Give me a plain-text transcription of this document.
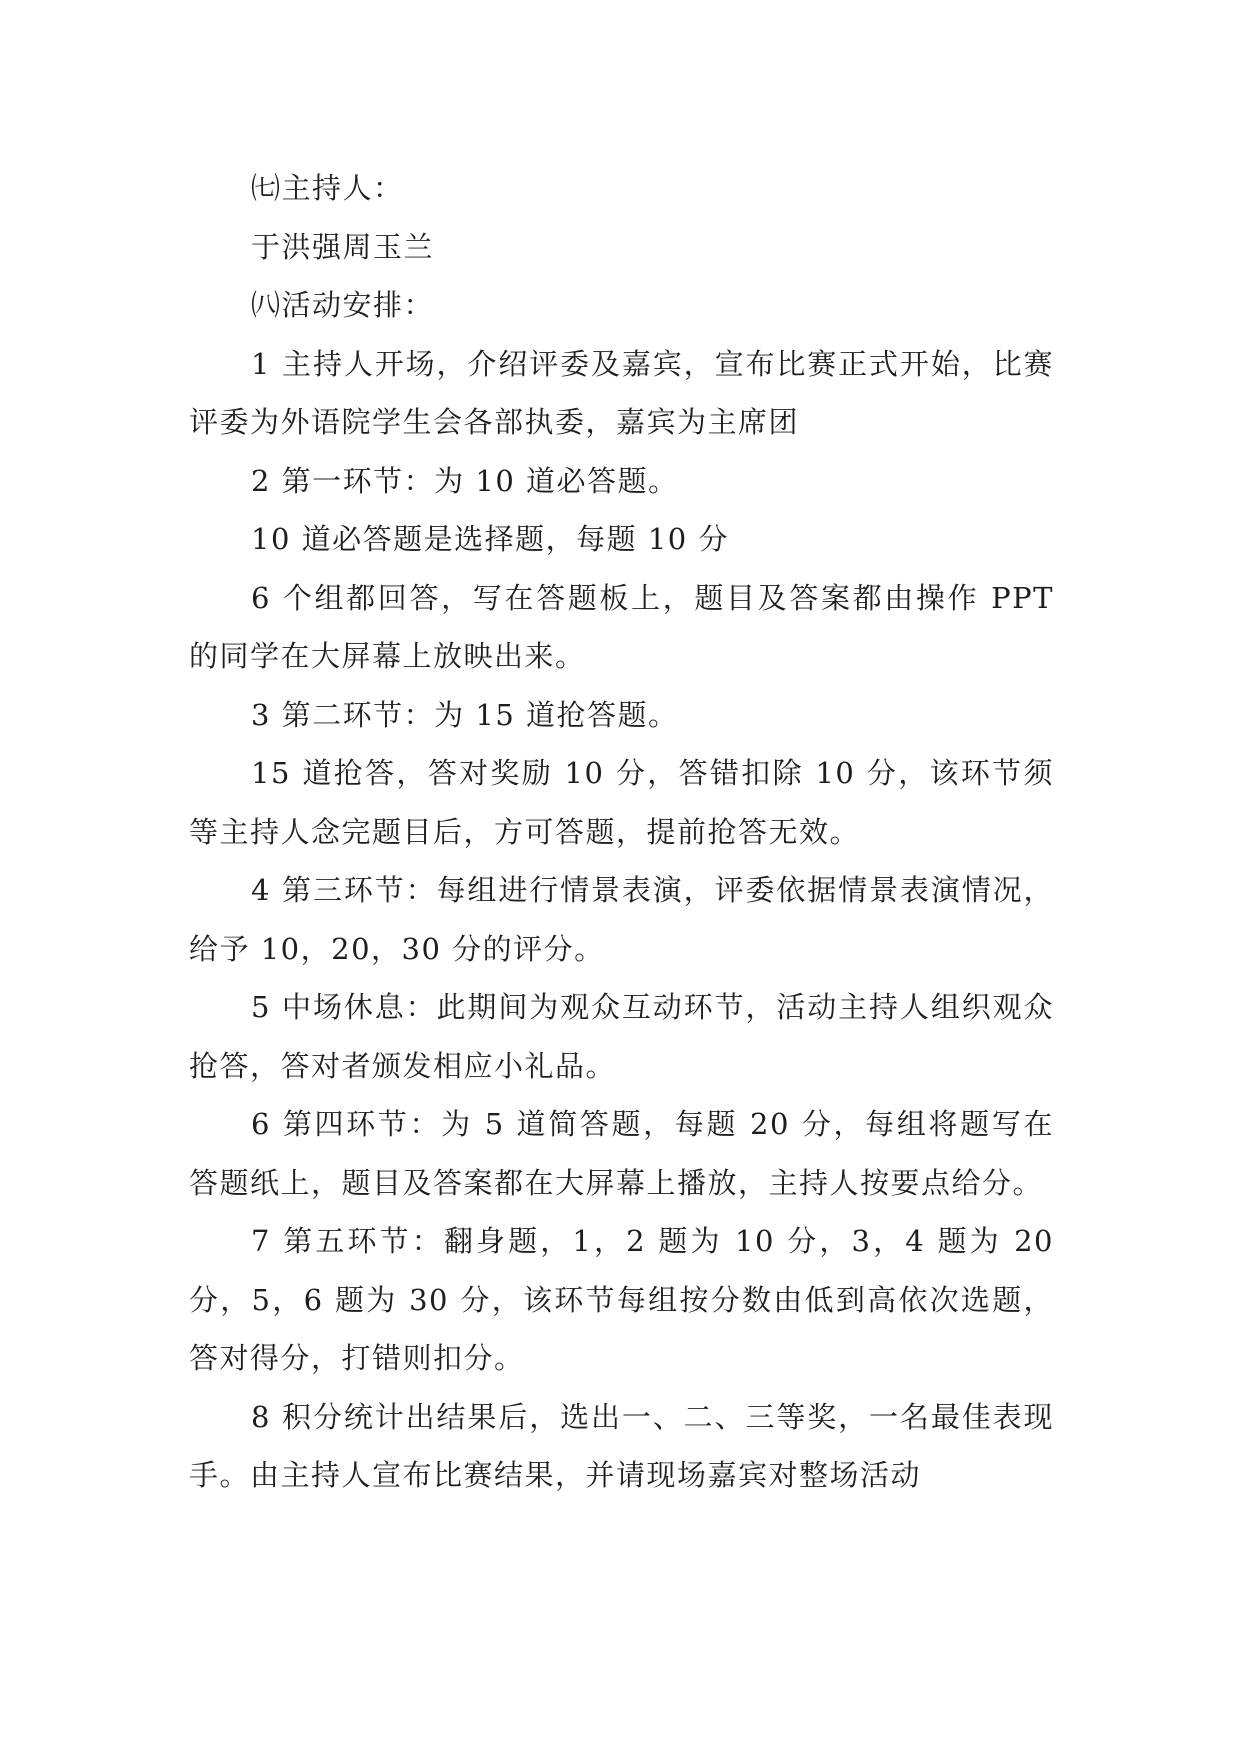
㈦主持人：

于洪强周玉兰

㈧活动安排：

1 主持人开场，介绍评委及嘉宾，宣布比赛正式开始，比赛评委为外语院学生会各部执委，嘉宾为主席团

2 第一环节：为 10 道必答题。

10 道必答题是选择题，每题 10 分

6 个组都回答，写在答题板上，题目及答案都由操作 PPT 的同学在大屏幕上放映出来。

3 第二环节：为 15 道抢答题。

15 道抢答，答对奖励 10 分，答错扣除 10 分，该环节须等主持人念完题目后，方可答题，提前抢答无效。

4 第三环节：每组进行情景表演，评委依据情景表演情况，给予 10，20，30 分的评分。

5 中场休息：此期间为观众互动环节，活动主持人组织观众抢答，答对者颁发相应小礼品。

6 第四环节：为 5 道简答题，每题 20 分，每组将题写在答题纸上，题目及答案都在大屏幕上播放，主持人按要点给分。

7 第五环节：翻身题，1，2 题为 10 分，3，4 题为 20 分，5，6 题为 30 分，该环节每组按分数由低到高依次选题，答对得分，打错则扣分。

8 积分统计出结果后，选出一、二、三等奖，一名最佳表现手。由主持人宣布比赛结果，并请现场嘉宾对整场活动
